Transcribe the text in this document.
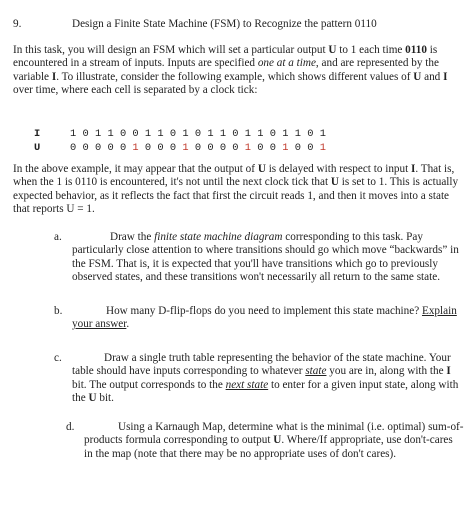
9.	Design a Finite State Machine (FSM) to Recognize the pattern 0110
In this task, you will design an FSM which will set a particular output U to 1 each time 0110 is encountered in a stream of inputs. Inputs are specified one at a time, and are represented by the variable I. To illustrate, consider the following example, which shows different values of U and I over time, where each cell is separated by a clock tick:
I	1 0 1 1 0 0 1 1 0 1 0 1 1 0 1 1 0 1 1 0 1
U	0 0 0 0 0 1 0 0 0 1 0 0 0 0 1 0 0 1 0 0 1
In the above example, it may appear that the output of U is delayed with respect to input I. That is, when the 1 is 0110 is encountered, it's not until the next clock tick that U is set to 1. This is actually expected behavior, as it reflects the fact that first the circuit reads 1, and then it moves into a state that reports U = 1.
a.	Draw the finite state machine diagram corresponding to this task. Pay particularly close attention to where transitions should go which move “backwards” in the FSM. That is, it is expected that you'll have transitions which go to previously observed states, and these transitions won't necessarily all return to the same state.
b.	How many D-flip-flops do you need to implement this state machine? Explain your answer.
c.	Draw a single truth table representing the behavior of the state machine. Your table should have inputs corresponding to whatever state you are in, along with the I bit. The output corresponds to the next state to enter for a given input state, along with the U bit.
d.	Using a Karnaugh Map, determine what is the minimal (i.e. optimal) sum-of-products formula corresponding to output U. Where/If appropriate, use don't-cares in the map (note that there may be no appropriate uses of don't cares).
